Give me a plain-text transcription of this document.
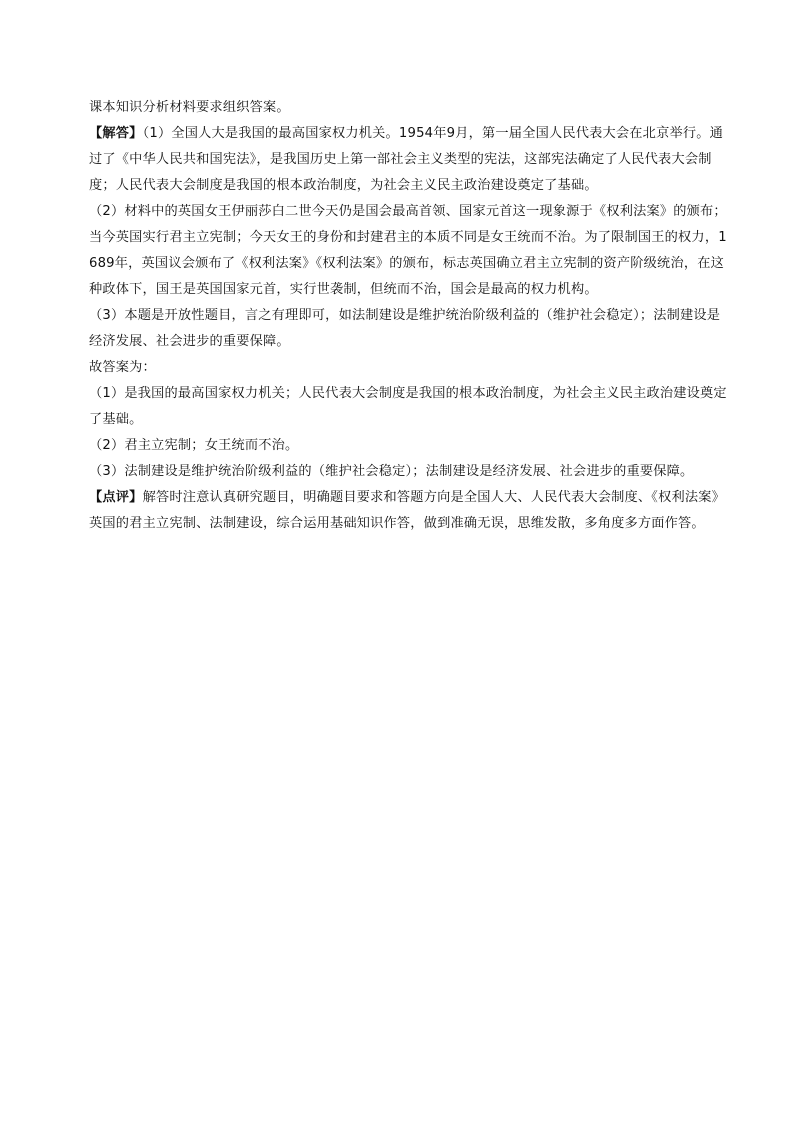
课本知识分析材料要求组织答案。

【解答】（1）全国人大是我国的最高国家权力机关。1954年9月，第一届全国人民代表大会在北京举行。通过了《中华人民共和国宪法》，是我国历史上第一部社会主义类型的宪法，这部宪法确定了人民代表大会制度；人民代表大会制度是我国的根本政治制度，为社会主义民主政治建设奠定了基础。

（2）材料中的英国女王伊丽莎白二世今天仍是国会最高首领、国家元首这一现象源于《权利法案》的颁布；当今英国实行君主立宪制；今天女王的身份和封建君主的本质不同是女王统而不治。为了限制国王的权力，1689年，英国议会颁布了《权利法案》《权利法案》的颁布，标志英国确立君主立宪制的资产阶级统治，在这种政体下，国王是英国国家元首，实行世袭制，但统而不治，国会是最高的权力机构。

（3）本题是开放性题目，言之有理即可，如法制建设是维护统治阶级利益的（维护社会稳定）；法制建设是经济发展、社会进步的重要保障。

故答案为：

（1）是我国的最高国家权力机关；人民代表大会制度是我国的根本政治制度，为社会主义民主政治建设奠定了基础。

（2）君主立宪制；女王统而不治。

（3）法制建设是维护统治阶级利益的（维护社会稳定）；法制建设是经济发展、社会进步的重要保障。

【点评】解答时注意认真研究题目，明确题目要求和答题方向是全国人大、人民代表大会制度、《权利法案》 英国的君主立宪制、法制建设，综合运用基础知识作答，做到准确无误，思维发散，多角度多方面作答。
